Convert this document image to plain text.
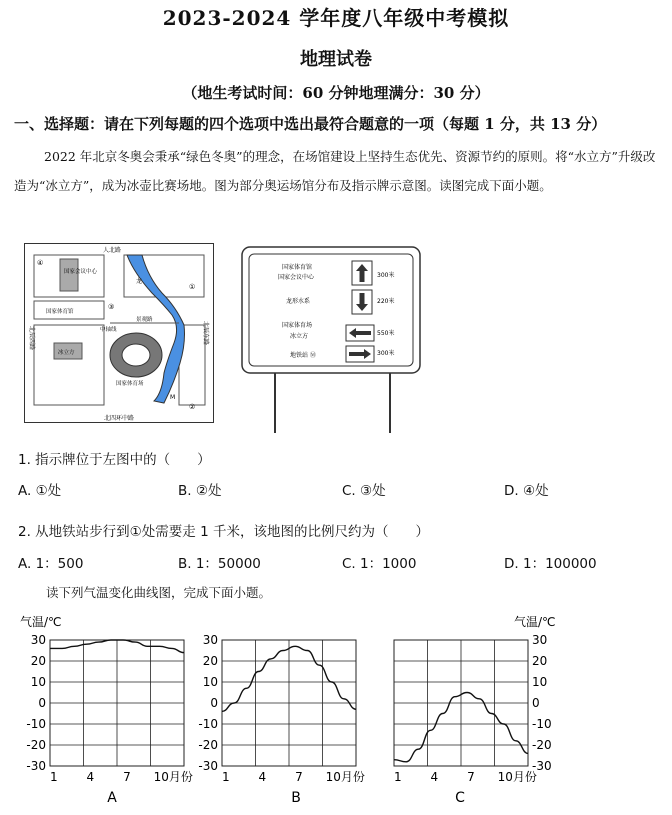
2023-2024 学年度八年级中考模拟
地理试卷
（地生考试时间：60 分钟地理满分：30 分）
一、选择题：请在下列每题的四个选项中选出最符合题意的一项（每题 1 分，共 13 分）
2022 年北京冬奥会秉承“绿色冬奥”的理念，在场馆建设上坚持生态优先、资源节约的原则。将“水立方”升级改造为“冰立方”，成为冰壶比赛场地。图为部分奥运场馆分布及指示牌示意图。读图完成下面小题。
人北路
北四环中路
北辰西路	北辰东路
国家会议中心
国家体育馆
冰立方
国家体育场
景观路
中轴线
龙
④
③
①
②
M
国家体育馆
国家会议中心
龙形水系
国家体育场
冰立方
地铁站 Ⓜ
300米
220米
550米
300米
1. 指示牌位于左图中的（　　）
A. ①处	B. ②处	C. ③处	D. ④处
2. 从地铁站步行到①处需要走 1 千米，该地图的比例尺约为（　　）
A. 1：500	B. 1：50000	C. 1：1000	D. 1：100000
读下列气温变化曲线图，完成下面小题。
30
20
10
0
-10
-20
-30
气温/℃
1 4 7 10月份
A
30
20
10
0
-10
-20
-30
1 4 7 10月份
B
30
20
10
0
-10
-20
-30
气温/℃
1 4 7 10月份
C
